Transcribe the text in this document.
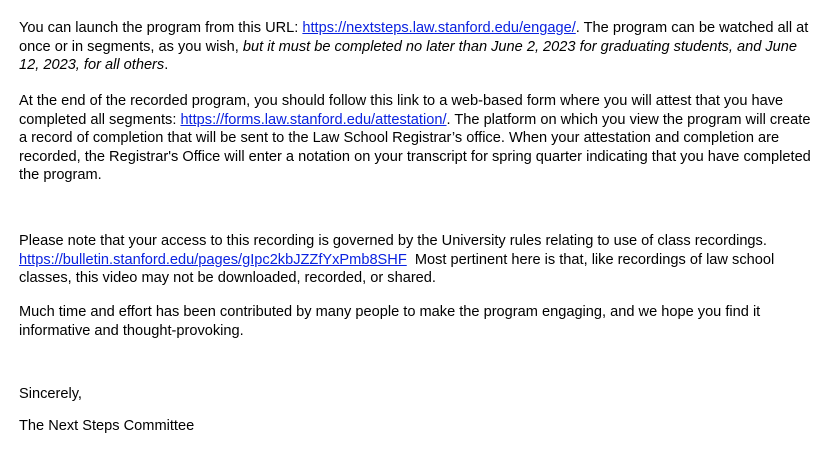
You can launch the program from this URL: https://nextsteps.law.stanford.edu/engage/. The program can be watched all at once or in segments, as you wish, but it must be completed no later than June 2, 2023 for graduating students, and June 12, 2023, for all others.

At the end of the recorded program, you should follow this link to a web-based form where you will attest that you have completed all segments: https://forms.law.stanford.edu/attestation/. The platform on which you view the program will create a record of completion that will be sent to the Law School Registrar’s office. When your attestation and completion are recorded, the Registrar's Office will enter a notation on your transcript for spring quarter indicating that you have completed the program.

Please note that your access to this recording is governed by the University rules relating to use of class recordings. https://bulletin.stanford.edu/pages/gIpc2kbJZZfYxPmb8SHF  Most pertinent here is that, like recordings of law school classes, this video may not be downloaded, recorded, or shared.

Much time and effort has been contributed by many people to make the program engaging, and we hope you find it informative and thought-provoking.

Sincerely,

The Next Steps Committee
